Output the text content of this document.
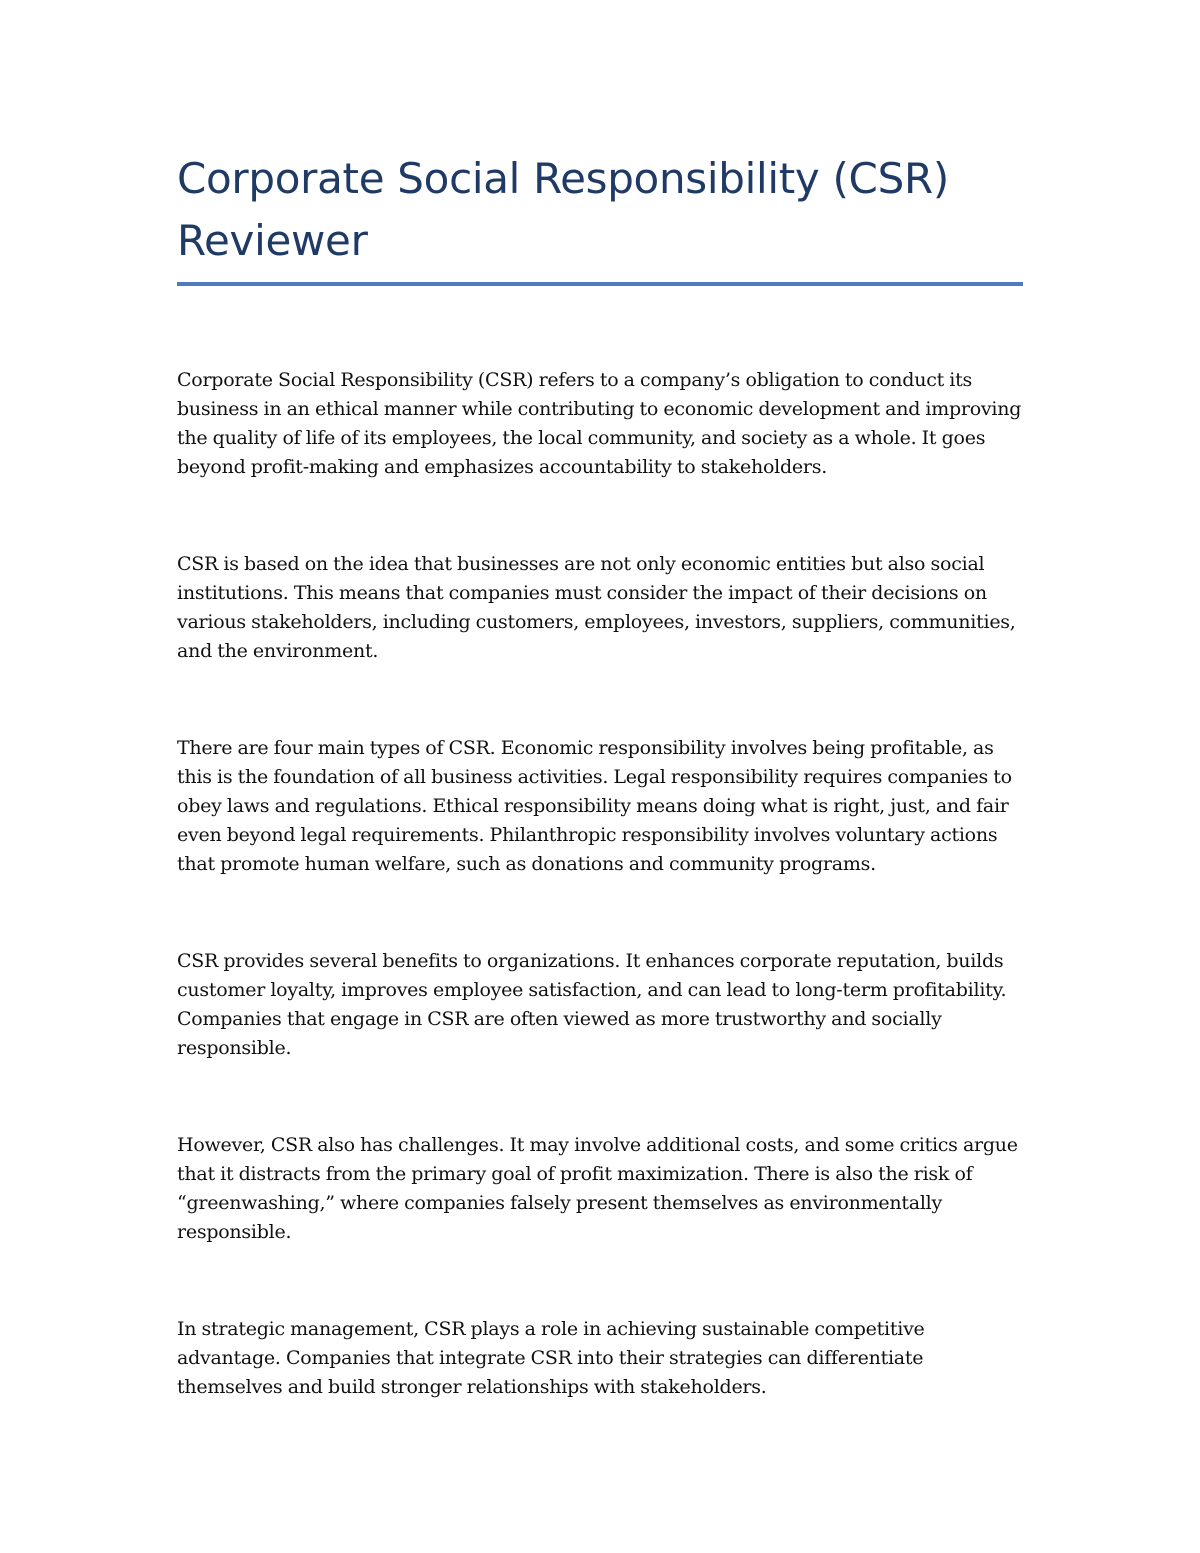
Corporate Social Responsibility (CSR) Reviewer

Corporate Social Responsibility (CSR) refers to a company’s obligation to conduct its business in an ethical manner while contributing to economic development and improving the quality of life of its employees, the local community, and society as a whole. It goes beyond profit-making and emphasizes accountability to stakeholders.

CSR is based on the idea that businesses are not only economic entities but also social institutions. This means that companies must consider the impact of their decisions on various stakeholders, including customers, employees, investors, suppliers, communities, and the environment.

There are four main types of CSR. Economic responsibility involves being profitable, as this is the foundation of all business activities. Legal responsibility requires companies to obey laws and regulations. Ethical responsibility means doing what is right, just, and fair even beyond legal requirements. Philanthropic responsibility involves voluntary actions that promote human welfare, such as donations and community programs.

CSR provides several benefits to organizations. It enhances corporate reputation, builds customer loyalty, improves employee satisfaction, and can lead to long-term profitability. Companies that engage in CSR are often viewed as more trustworthy and socially responsible.

However, CSR also has challenges. It may involve additional costs, and some critics argue that it distracts from the primary goal of profit maximization. There is also the risk of “greenwashing,” where companies falsely present themselves as environmentally responsible.

In strategic management, CSR plays a role in achieving sustainable competitive advantage. Companies that integrate CSR into their strategies can differentiate themselves and build stronger relationships with stakeholders.
